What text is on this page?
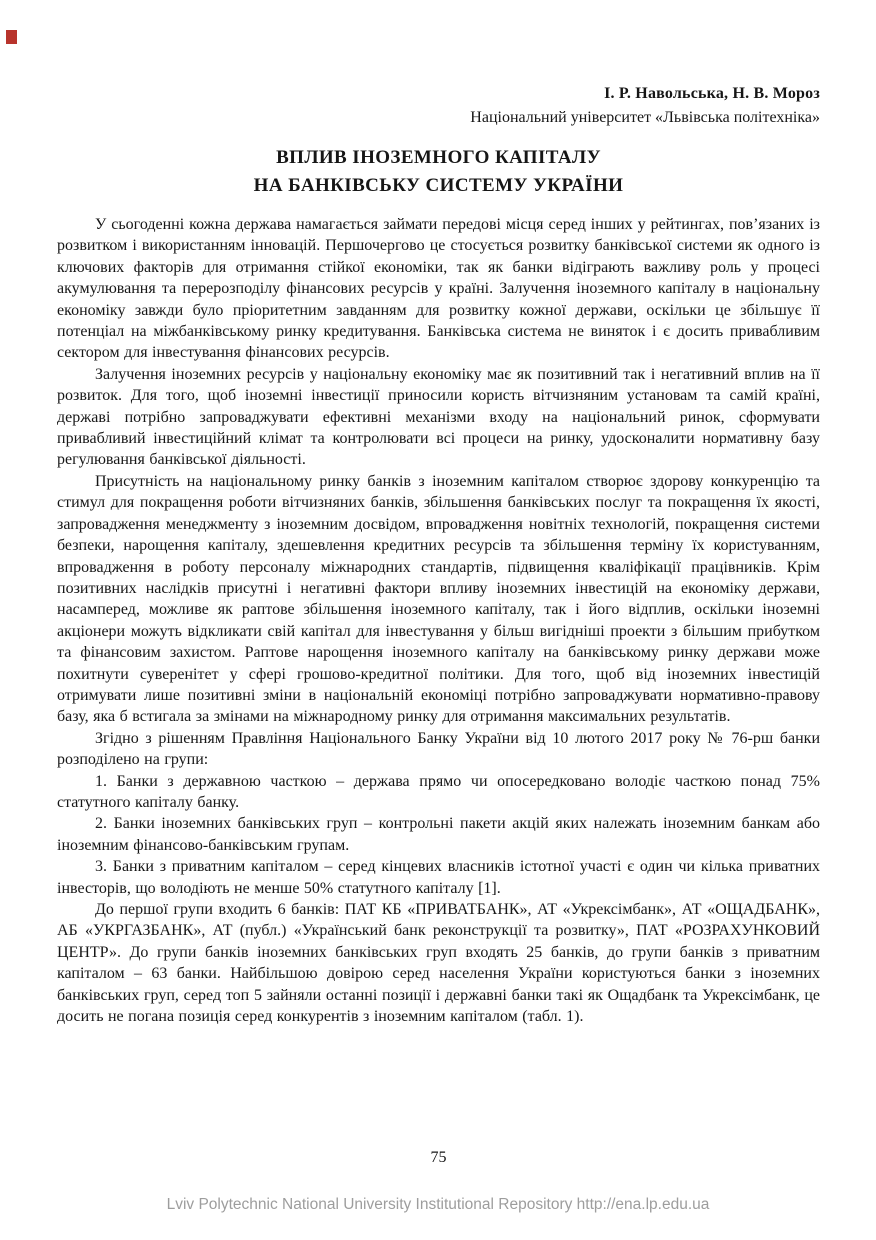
І. Р. Навольська, Н. В. Мороз
Національний університет «Львівська політехніка»
ВПЛИВ ІНОЗЕМНОГО КАПІТАЛУ
НА БАНКІВСЬКУ СИСТЕМУ УКРАЇНИ

У сьогоденні кожна держава намагається займати передові місця серед інших у рейтингах, пов’язаних із розвитком і використанням інновацій. Першочергово це стосується розвитку банківської системи як одного із ключових факторів для отримання стійкої економіки, так як банки відіграють важливу роль у процесі акумулювання та перерозподілу фінансових ресурсів у країні. Залучення іноземного капіталу в національну економіку завжди було пріоритетним завданням для розвитку кожної держави, оскільки це збільшує її потенціал на міжбанківському ринку кредитування. Банківська система не виняток і є досить привабливим сектором для інвестування фінансових ресурсів.

Залучення іноземних ресурсів у національну економіку має як позитивний так і негативний вплив на її розвиток. Для того, щоб іноземні інвестиції приносили користь вітчизняним установам та самій країні, державі потрібно запроваджувати ефективні механізми входу на національний ринок, сформувати привабливий інвестиційний клімат та контролювати всі процеси на ринку, удосконалити нормативну базу регулювання банківської діяльності.

Присутність на національному ринку банків з іноземним капіталом створює здорову конкуренцію та стимул для покращення роботи вітчизняних банків, збільшення банківських послуг та покращення їх якості, запровадження менеджменту з іноземним досвідом, впровадження новітніх технологій, покращення системи безпеки, нарощення капіталу, здешевлення кредитних ресурсів та збільшення терміну їх користуванням, впровадження в роботу персоналу міжнародних стандартів, підвищення кваліфікації працівників. Крім позитивних наслідків присутні і негативні фактори впливу іноземних інвестицій на економіку держави, насамперед, можливе як раптове збільшення іноземного капіталу, так і його відплив, оскільки іноземні акціонери можуть відкликати свій капітал для інвестування у більш вигідніші проекти з більшим прибутком та фінансовим захистом. Раптове нарощення іноземного капіталу на банківському ринку держави може похитнути суверенітет у сфері грошово-кредитної політики. Для того, щоб від іноземних інвестицій отримувати лише позитивні зміни в національній економіці потрібно запроваджувати нормативно-правову базу, яка б встигала за змінами на міжнародному ринку для отримання максимальних результатів.

Згідно з рішенням Правління Національного Банку України від 10 лютого 2017 року № 76-рш банки розподілено на групи:

1. Банки з державною часткою – держава прямо чи опосередковано володіє часткою понад 75% статутного капіталу банку.

2. Банки іноземних банківських груп – контрольні пакети акцій яких належать іноземним банкам або іноземним фінансово-банківським групам.

3. Банки з приватним капіталом – серед кінцевих власників істотної участі є один чи кілька приватних інвесторів, що володіють не менше 50% статутного капіталу [1].

До першої групи входить 6 банків: ПАТ КБ «ПРИВАТБАНК», АТ «Укрексімбанк», АТ «ОЩАДБАНК», АБ «УКРГАЗБАНК», АТ (публ.) «Український банк реконструкції та розвитку», ПАТ «РОЗРАХУНКОВИЙ ЦЕНТР». До групи банків іноземних банківських груп входять 25 банків, до групи банків з приватним капіталом – 63 банки. Найбільшою довірою серед населення України користуються банки з іноземних банківських груп, серед топ 5 зайняли останні позиції і державні банки такі як Ощадбанк та Укрексімбанк, це досить не погана позиція серед конкурентів з іноземним капіталом (табл. 1).

75
Lviv Polytechnic National University Institutional Repository http://ena.lp.edu.ua
